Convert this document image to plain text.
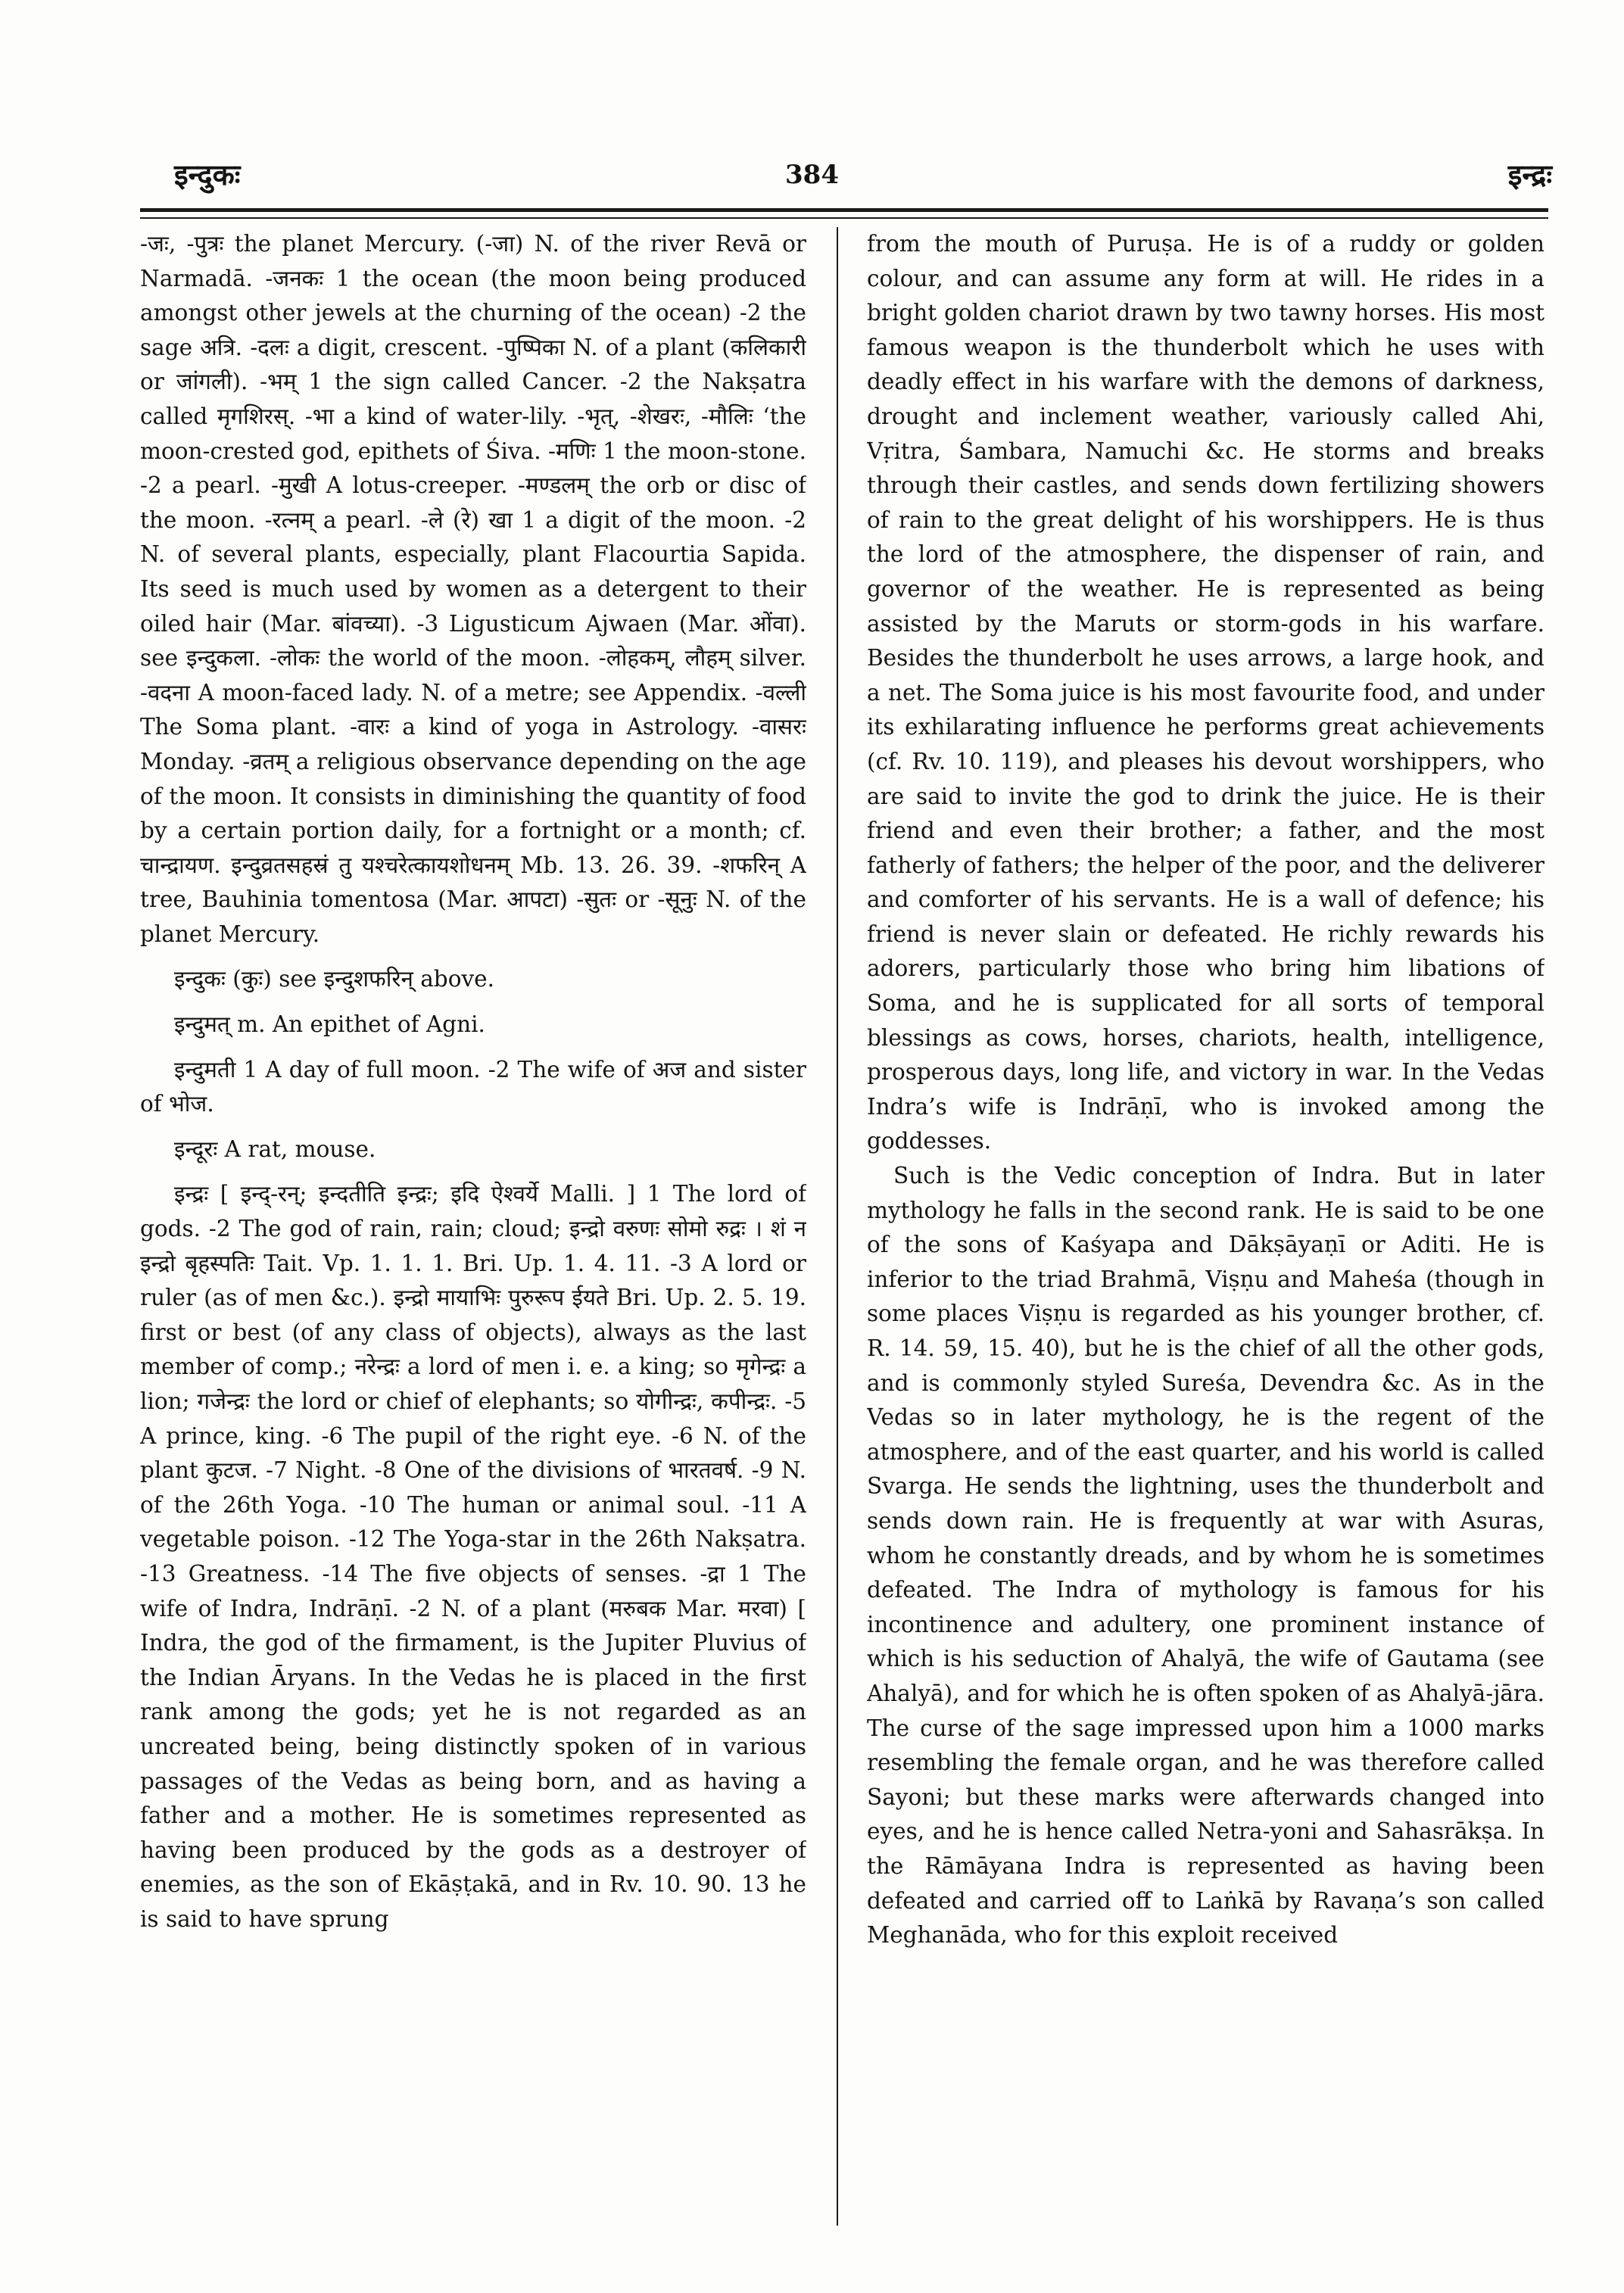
इन्दुकः	384	इन्द्रः

-जः, -पुत्रः the planet Mercury. (-जा) N. of the river Revā or Narmadā. -जनकः 1 the ocean (the moon being produced amongst other jewels at the churning of the ocean) -2 the sage अत्रि. -दलः a digit, crescent. -पुष्पिका N. of a plant (कलिकारी or जांगली). -भम् 1 the sign called Cancer. -2 the Nakṣatra called मृगशिरस्. -भा a kind of water-lily. -भृत्, -शेखरः, -मौलिः ‘the moon-crested god, epithets of Śiva. -मणिः 1 the moon-stone. -2 a pearl. -मुखी A lotus-creeper. -मण्डलम् the orb or disc of the moon. -रत्नम् a pearl. -ले (रे) खा 1 a digit of the moon. -2 N. of several plants, especially, plant Flacourtia Sapida. Its seed is much used by women as a detergent to their oiled hair (Mar. बांवच्या). -3 Ligusticum Ajwaen (Mar. ओंवा). see इन्दुकला. -लोकः the world of the moon. -लोहकम्, लौहम् silver. -वदना A moon-faced lady. N. of a metre; see Appendix. -वल्ली The Soma plant. -वारः a kind of yoga in Astrology. -वासरः Monday. -व्रतम् a religious observance depending on the age of the moon. It consists in diminishing the quantity of food by a certain portion daily, for a fortnight or a month; cf. चान्द्रायण. इन्दुव्रतसहस्रं तु यश्चरेत्कायशोधनम् Mb. 13. 26. 39. -शफरिन् A tree, Bauhinia tomentosa (Mar. आपटा) -सुतः or -सूनुः N. of the planet Mercury.

इन्दुकः (कुः) see इन्दुशफरिन् above.

इन्दुमत् m. An epithet of Agni.

इन्दुमती 1 A day of full moon. -2 The wife of अज and sister of भोज.

इन्दूरः A rat, mouse.

इन्द्रः [ इन्द्-रन्; इन्दतीति इन्द्रः; इदि ऐश्वर्ये Malli. ] 1 The lord of gods. -2 The god of rain, rain; cloud; इन्द्रो वरुणः सोमो रुद्रः । शं न इन्द्रो बृहस्पतिः Tait. Vp. 1. 1. 1. Bri. Up. 1. 4. 11. -3 A lord or ruler (as of men &c.). इन्द्रो मायाभिः पुरुरूप ईयते Bri. Up. 2. 5. 19. first or best (of any class of objects), always as the last member of comp.; नरेन्द्रः a lord of men i. e. a king; so मृगेन्द्रः a lion; गजेन्द्रः the lord or chief of elephants; so योगीन्द्रः, कपीन्द्रः. -5 A prince, king. -6 The pupil of the right eye. -6 N. of the plant कुटज. -7 Night. -8 One of the divisions of भारतवर्ष. -9 N. of the 26th Yoga. -10 The human or animal soul. -11 A vegetable poison. -12 The Yoga-star in the 26th Nakṣatra. -13 Greatness. -14 The five objects of senses. -द्रा 1 The wife of Indra, Indrāṇī. -2 N. of a plant (मरुबक Mar. मरवा) [ Indra, the god of the firmament, is the Jupiter Pluvius of the Indian Āryans. In the Vedas he is placed in the first rank among the gods; yet he is not regarded as an uncreated being, being distinctly spoken of in various passages of the Vedas as being born, and as having a father and a mother. He is sometimes represented as having been produced by the gods as a destroyer of enemies, as the son of Ekāṣṭakā, and in Rv. 10. 90. 13 he is said to have sprung

from the mouth of Puruṣa. He is of a ruddy or golden colour, and can assume any form at will. He rides in a bright golden chariot drawn by two tawny horses. His most famous weapon is the thunderbolt which he uses with deadly effect in his warfare with the demons of darkness, drought and inclement weather, variously called Ahi, Vṛitra, Śambara, Namuchi &c. He storms and breaks through their castles, and sends down fertilizing showers of rain to the great delight of his worshippers. He is thus the lord of the atmosphere, the dispenser of rain, and governor of the weather. He is represented as being assisted by the Maruts or storm-gods in his warfare. Besides the thunderbolt he uses arrows, a large hook, and a net. The Soma juice is his most favourite food, and under its exhilarating influence he performs great achievements (cf. Rv. 10. 119), and pleases his devout worshippers, who are said to invite the god to drink the juice. He is their friend and even their brother; a father, and the most fatherly of fathers; the helper of the poor, and the deliverer and comforter of his servants. He is a wall of defence; his friend is never slain or defeated. He richly rewards his adorers, particularly those who bring him libations of Soma, and he is supplicated for all sorts of temporal blessings as cows, horses, chariots, health, intelligence, prosperous days, long life, and victory in war. In the Vedas Indra’s wife is Indrāṇī, who is invoked among the goddesses.

Such is the Vedic conception of Indra. But in later mythology he falls in the second rank. He is said to be one of the sons of Kaśyapa and Dākṣāyaṇī or Aditi. He is inferior to the triad Brahmā, Viṣṇu and Maheśa (though in some places Viṣṇu is regarded as his younger brother, cf. R. 14. 59, 15. 40), but he is the chief of all the other gods, and is commonly styled Sureśa, Devendra &c. As in the Vedas so in later mythology, he is the regent of the atmosphere, and of the east quarter, and his world is called Svarga. He sends the lightning, uses the thunderbolt and sends down rain. He is frequently at war with Asuras, whom he constantly dreads, and by whom he is sometimes defeated. The Indra of mythology is famous for his incontinence and adultery, one prominent instance of which is his seduction of Ahalyā, the wife of Gautama (see Ahalyā), and for which he is often spoken of as Ahalyā-jāra. The curse of the sage impressed upon him a 1000 marks resembling the female organ, and he was therefore called Sayoni; but these marks were afterwards changed into eyes, and he is hence called Netra-yoni and Sahasrākṣa. In the Rāmāyana Indra is represented as having been defeated and carried off to Laṅkā by Ravaṇa’s son called Meghanāda, who for this exploit received
